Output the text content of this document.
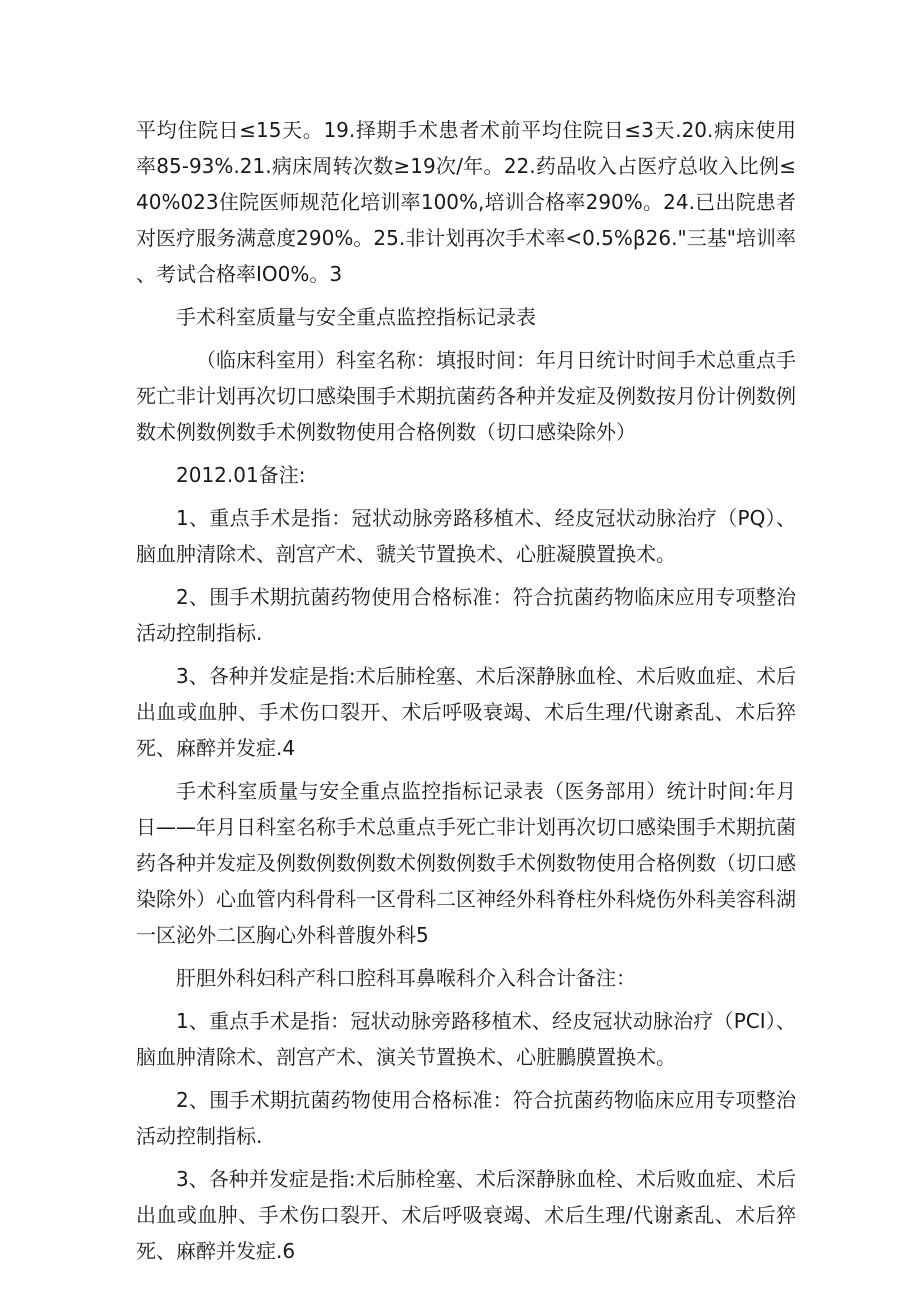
平均住院日≤15天。19.择期手术患者术前平均住院日≤3天.20.病床使用率85-93%.21.病床周转次数≥19次/年。22.药品收入占医疗总收入比例≤40%023住院医师规范化培训率100%,培训合格率290%。24.已出院患者对医疗服务满意度290%。25.非计划再次手术率<0.5%β26."三基"培训率、考试合格率IO0%。3

手术科室质量与安全重点监控指标记录表

（临床科室用）科室名称：填报时间：年月日统计时间手术总重点手死亡非计划再次切口感染围手术期抗菌药各种并发症及例数按月份计例数例数术例数例数手术例数物使用合格例数（切口感染除外）

2012.01备注:

1、重点手术是指：冠状动脉旁路移植术、经皮冠状动脉治疗（PQ）、脑血肿清除术、剖宫产术、虢关节置换术、心脏凝膜置换术。

2、围手术期抗菌药物使用合格标准：符合抗菌药物临床应用专项整治活动控制指标.

3、各种并发症是指:术后肺栓塞、术后深静脉血栓、术后败血症、术后出血或血肿、手术伤口裂开、术后呼吸衰竭、术后生理/代谢紊乱、术后猝死、麻醉并发症.4

手术科室质量与安全重点监控指标记录表（医务部用）统计时间:年月日——年月日科室名称手术总重点手死亡非计划再次切口感染围手术期抗菌药各种并发症及例数例数例数术例数例数手术例数物使用合格例数（切口感染除外）心血管内科骨科一区骨科二区神经外科脊柱外科烧伤外科美容科湖一区泌外二区胸心外科普腹外科5

肝胆外科妇科产科口腔科耳鼻喉科介入科合计备注：

1、重点手术是指：冠状动脉旁路移植术、经皮冠状动脉治疗（PCI）、脑血肿清除术、剖宫产术、演关节置换术、心脏鵬膜置换术。

2、围手术期抗菌药物使用合格标准：符合抗菌药物临床应用专项整治活动控制指标.

3、各种并发症是指:术后肺栓塞、术后深静脉血栓、术后败血症、术后出血或血肿、手术伤口裂开、术后呼吸衰竭、术后生理/代谢紊乱、术后猝死、麻醉并发症.6
